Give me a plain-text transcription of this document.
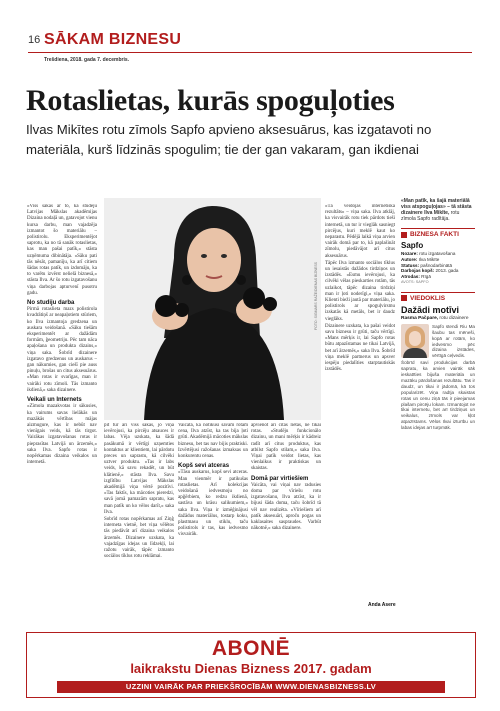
16 SĀKAM BIZNESU
Trešdiena, 2018. gada 7. decembris.
Rotaslietas, kurās spoguļoties
Ilvas Mikītes rotu zīmols Sapfo apvieno aksesuārus, kas izgatavoti no materiāla, kurš līdzinās spogulim; tie der gan vakaram, gan ikdienai

«Viss sākās ar to, ka studēju Latvijas Mākslas akadēmijas Dizaina nodaļā un, gatavojot vienu kursa darbu, man vajadzēja izmantot šo materiālu – polistirolu. Eksperimentējot saprotu, ka no tā sanāk rotaslietas, kas man pašai patīk,» stāsta uzņēmuma dibinātāja. «Sāku pati tās nēsāt, pamanīju, ka arī citiem šādas rotas patīk, un izdomāju, ka to varētu izvērst nelielā biznesā,» stāsta Ilva. Ar šo rotu izgatavošanu viņa darbojas apturvenī pusotru gadu.

No studiju darba

Pirmā rotaslieta mazs polistirola kvadrātiņš ar neapaļotiem stūriem, ko Ilva izmantoja gredzena un auskara veidošanā. «Sāku tiešām eksperimentēt ar dažādām formām, ģeometriju. Pēc tam nāca apaļošana un produkta dizains,» viņa saka. Šobrīd dizainere izgatavo gredzenus un auskarus – gan nākumies, gan ciešī pie auss pinuļu, brošas un citus aksesuārus. «Man rotas ir svarīgas, man ir vairāki rotu zīmoli. Tās izmanto ikdienā,» saka dizainere.

Veikali un Internets

«Zīmola mazakvotas ir sākusies, ka vairums savas lielākās un mazākās vērtības mājas aizmugure, kas ir nebūt nav vienīgais veids, kā tās tirgot. Vairākas izgatavošanas rotas ir pieprasītas Latvijā un ārzemēs,» saka Ilva. Sapfo rotas ir nopērkamas dizaina veikalos un internetā.

FOTO: SIGMARS RAŽE/DIENAS BIZNESS

pit tur arī viss sākās, jo viņa ievērojusi, ka pircēju atsauces ir labas. Vēja uzskata, ka šādā pasākumā ir vērtīgi uzņemties kontaktus ar klientiem, lai pārdotu preces un saprastu, kā cilvēki uztver produktu. «Tas ir labs veids, kā savu rekadēt, un būt klātienē,» stāsta Ilva. Savu izglītību Latvijas Mākslas akadēmijā viņa vērtē pozitīvi. «Tas faktīs, ka mācoties pieredzi, savā jomā pamazām sapratu, kas man patīk un ko vēlos darīt,» saka Ilva.

Sobrīd rotas nopērkamas arī Ziņģ interneta vietnē, bet viņa vēlētos tās piedāvāt arī dizaina veikalos ārzemēs. Dizainere uzskata, ka vajadzīgas idejas un līdzekļi, lai ražotu vairāk, tāpēc izmanto sociālos tīklus rotu reklāmai.

Vaicāta, kā notikusi savām rotām cena, Ilva atzīst, ka tas bija ļoti grūti. Akadēmijā mācoties mākslas biznesu, bet tas nav bijis praktiski. Izvērtējusi ražošanas izmaksas un konkurentu cenas.

Kopš sevi atceras

«Tāsu auskarus, kopš sevi atceras. Man vienmēr ir patikušas rotaslietas. Arī kolekcijas veidošanā iedvesmoju no apģērbiem, ko redzu ikdienā, sastāva un krāsu salikumiem,» saka Ilva. Viņa ir izmēģinājusi dažādus materiālus, tostarp koku, plastmasu un stiklu, taču polistirols ir tas, kas iedvesmo visvairāk.

apvienot arī citas lietas, ne tikai rotas. «Studēju funkcionālo dizainu, un mani mērķis ir kādreiz radīt arī citus produktus, kas atbilst Sapfo stilam,» saka Ilva. Viņai patīk veidot lietas, kas vienlaikus ir praktiskas un skaistas.

Domā par virtiešiem

Vaicāta, vai viņai nav radusies doma par vīriešu rotu izgatavošanu, Ilva atzīst, ka ir bijusi šāda doma, taču šobrīd tā vēl nav realizēta. «Vīriešiem arī patīk aksesuāri, aproču pogas un kaklasaites saspraudes. Varbūt nākotnē,» saka dizainere.

«Tā veidojas internetiska rezultāts» – viņa saka. Ilva atklāj, ka visvairāk rotu tiek pārdots tieši internetā, un tur ir vieglāk sasniegt pircējus, kuri meklē kaut ko neparastu. Pēdējā laikā viņa arvien vairāk domā par to, kā paplašināt zīmolu, piedāvājot arī citus aksesuārus.

Tāpēc Ilva izmanto sociālos tīklus un iesaistās dažādos tirdziņos un izstādēs. «Esmu ievērojusi, ka cilvēki vēlas pieskarties rotām, tās uzlaikot, tāpēc dizaina tirdziņi man ir ļoti noderīgi,» viņa saka. Klienti bieži jautā par materiālu, jo polistirols ar spoguļvirsmu izskatās kā metāls, bet ir daudz vieglāks.

Dizainere uzskata, ka pašai veidot savu biznesu ir grūti, taču vērtīgi. «Mans mērķis ir, lai Sapfo rotas būtu atpazīstamas ne tikai Latvijā, bet arī ārzemēs,» saka Ilva. Šobrīd viņa meklē partnerus un apsver iespēju piedalīties starptautiskās izstādēs.

Anda Asere
«Man patīk, ka šajā materiālā viss atspoguļojas» – tā stāsta dizainere Ilva Mikīte, rotu zīmola Sapfo radītāja.
BIZNESA FAKTI
Sapfo
Nozare: rotu izgatavošana
Autore: Ilva Mikīte
Statuss: pašnodarbinātā
Darbojas kopš: 2013. gada
Atrodas: Rīgā
AVOTS: SAPFO
VIEDOKLIS
Dažādi motīvi
Rasma Pačpare, rotu dizainere
Sapfo stendi Riu Ma šaubu tas mēneši, kopā ar rotām, ko iedvesmo pēc dizaina izstādes, vērtīgā ceļvedis.
Šobrīd savi produkcijas darbā sapratu, ka arvien vairāk sāk ieskatīties bijuša materiāla un mazāku pārdošanas rezultātu. Tas ir daudz, un tikai ir jādomā, kā tos popularizēt. Viņa radīja skaistas rotas un cenu ziņā tās ir pieejamas plašam pircēju lokam. Izmantojot ne tikai internetu, bet arī tirdziņus un veikalus, zīmols var kļūt atpazīstams. Vēlos Ilvai izturību un labas idejas arī turpmāk.
ABONĒ
laikrakstu Dienas Bizness 2017. gadam
UZZINI VAIRĀK PAR PRIEKŠROCĪBĀM WWW.DIENASBIZNESS.LV
